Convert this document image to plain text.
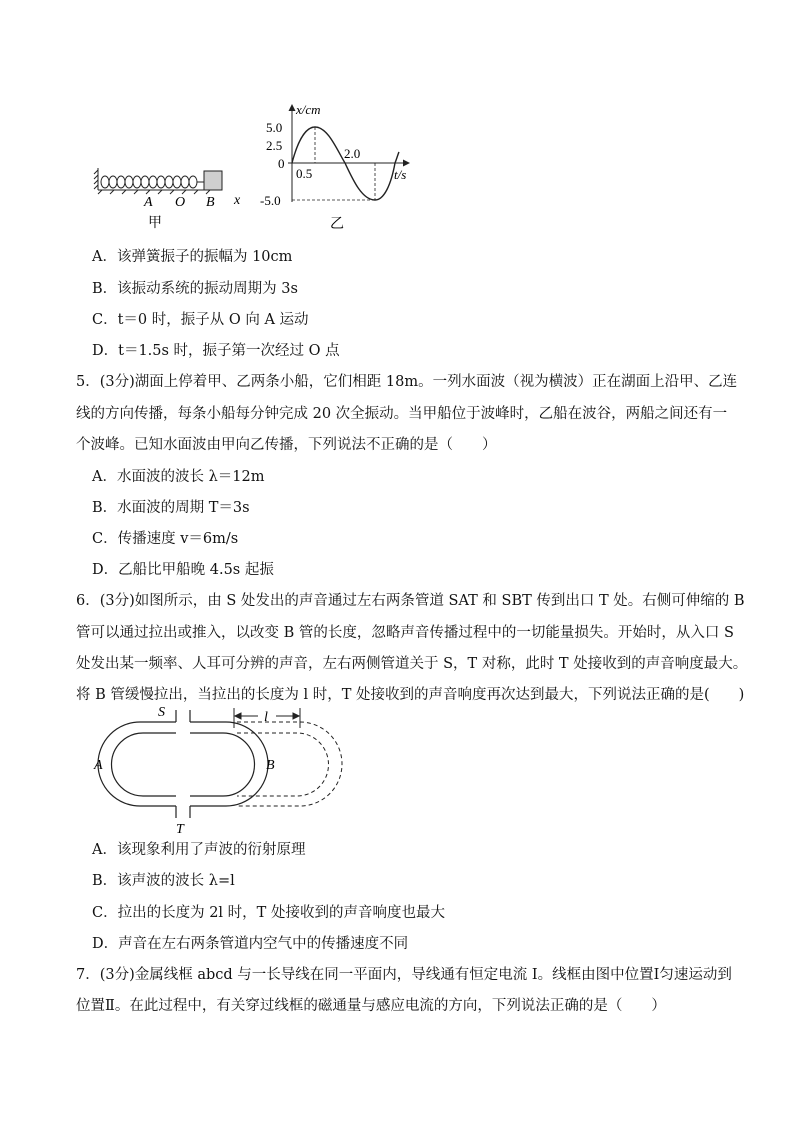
A O B x
甲
x/cm
t/s
5.0
2.5
0
-5.0
0.5
2.0
乙
A．该弹簧振子的振幅为 10cm
B．该振动系统的振动周期为 3s
C．t＝0 时，振子从 O 向 A 运动
D．t＝1.5s 时，振子第一次经过 O 点
5．(3分)湖面上停着甲、乙两条小船，它们相距 18m。一列水面波（视为横波）正在湖面上沿甲、乙连
线的方向传播，每条小船每分钟完成 20 次全振动。当甲船位于波峰时，乙船在波谷，两船之间还有一
个波峰。已知水面波由甲向乙传播，下列说法不正确的是（　　）
A．水面波的波长 λ＝12m
B．水面波的周期 T＝3s
C．传播速度 v＝6m/s
D．乙船比甲船晚 4.5s 起振
6．(3分)如图所示，由 S 处发出的声音通过左右两条管道 SAT 和 SBT 传到出口 T 处。右侧可伸缩的 B
管可以通过拉出或推入，以改变 B 管的长度，忽略声音传播过程中的一切能量损失。开始时，从入口 S
处发出某一频率、人耳可分辨的声音，左右两侧管道关于 S，T 对称，此时 T 处接收到的声音响度最大。
将 B 管缓慢拉出，当拉出的长度为 l 时，T 处接收到的声音响度再次达到最大，下列说法正确的是(　　)
l
S
T
A	B
A．该现象利用了声波的衍射原理
B．该声波的波长 λ=l
C．拉出的长度为 2l 时，T 处接收到的声音响度也最大
D．声音在左右两条管道内空气中的传播速度不同
7．(3分)金属线框 abcd 与一长导线在同一平面内，导线通有恒定电流 I。线框由图中位置Ⅰ匀速运动到
位置Ⅱ。在此过程中，有关穿过线框的磁通量与感应电流的方向，下列说法正确的是（　　）
